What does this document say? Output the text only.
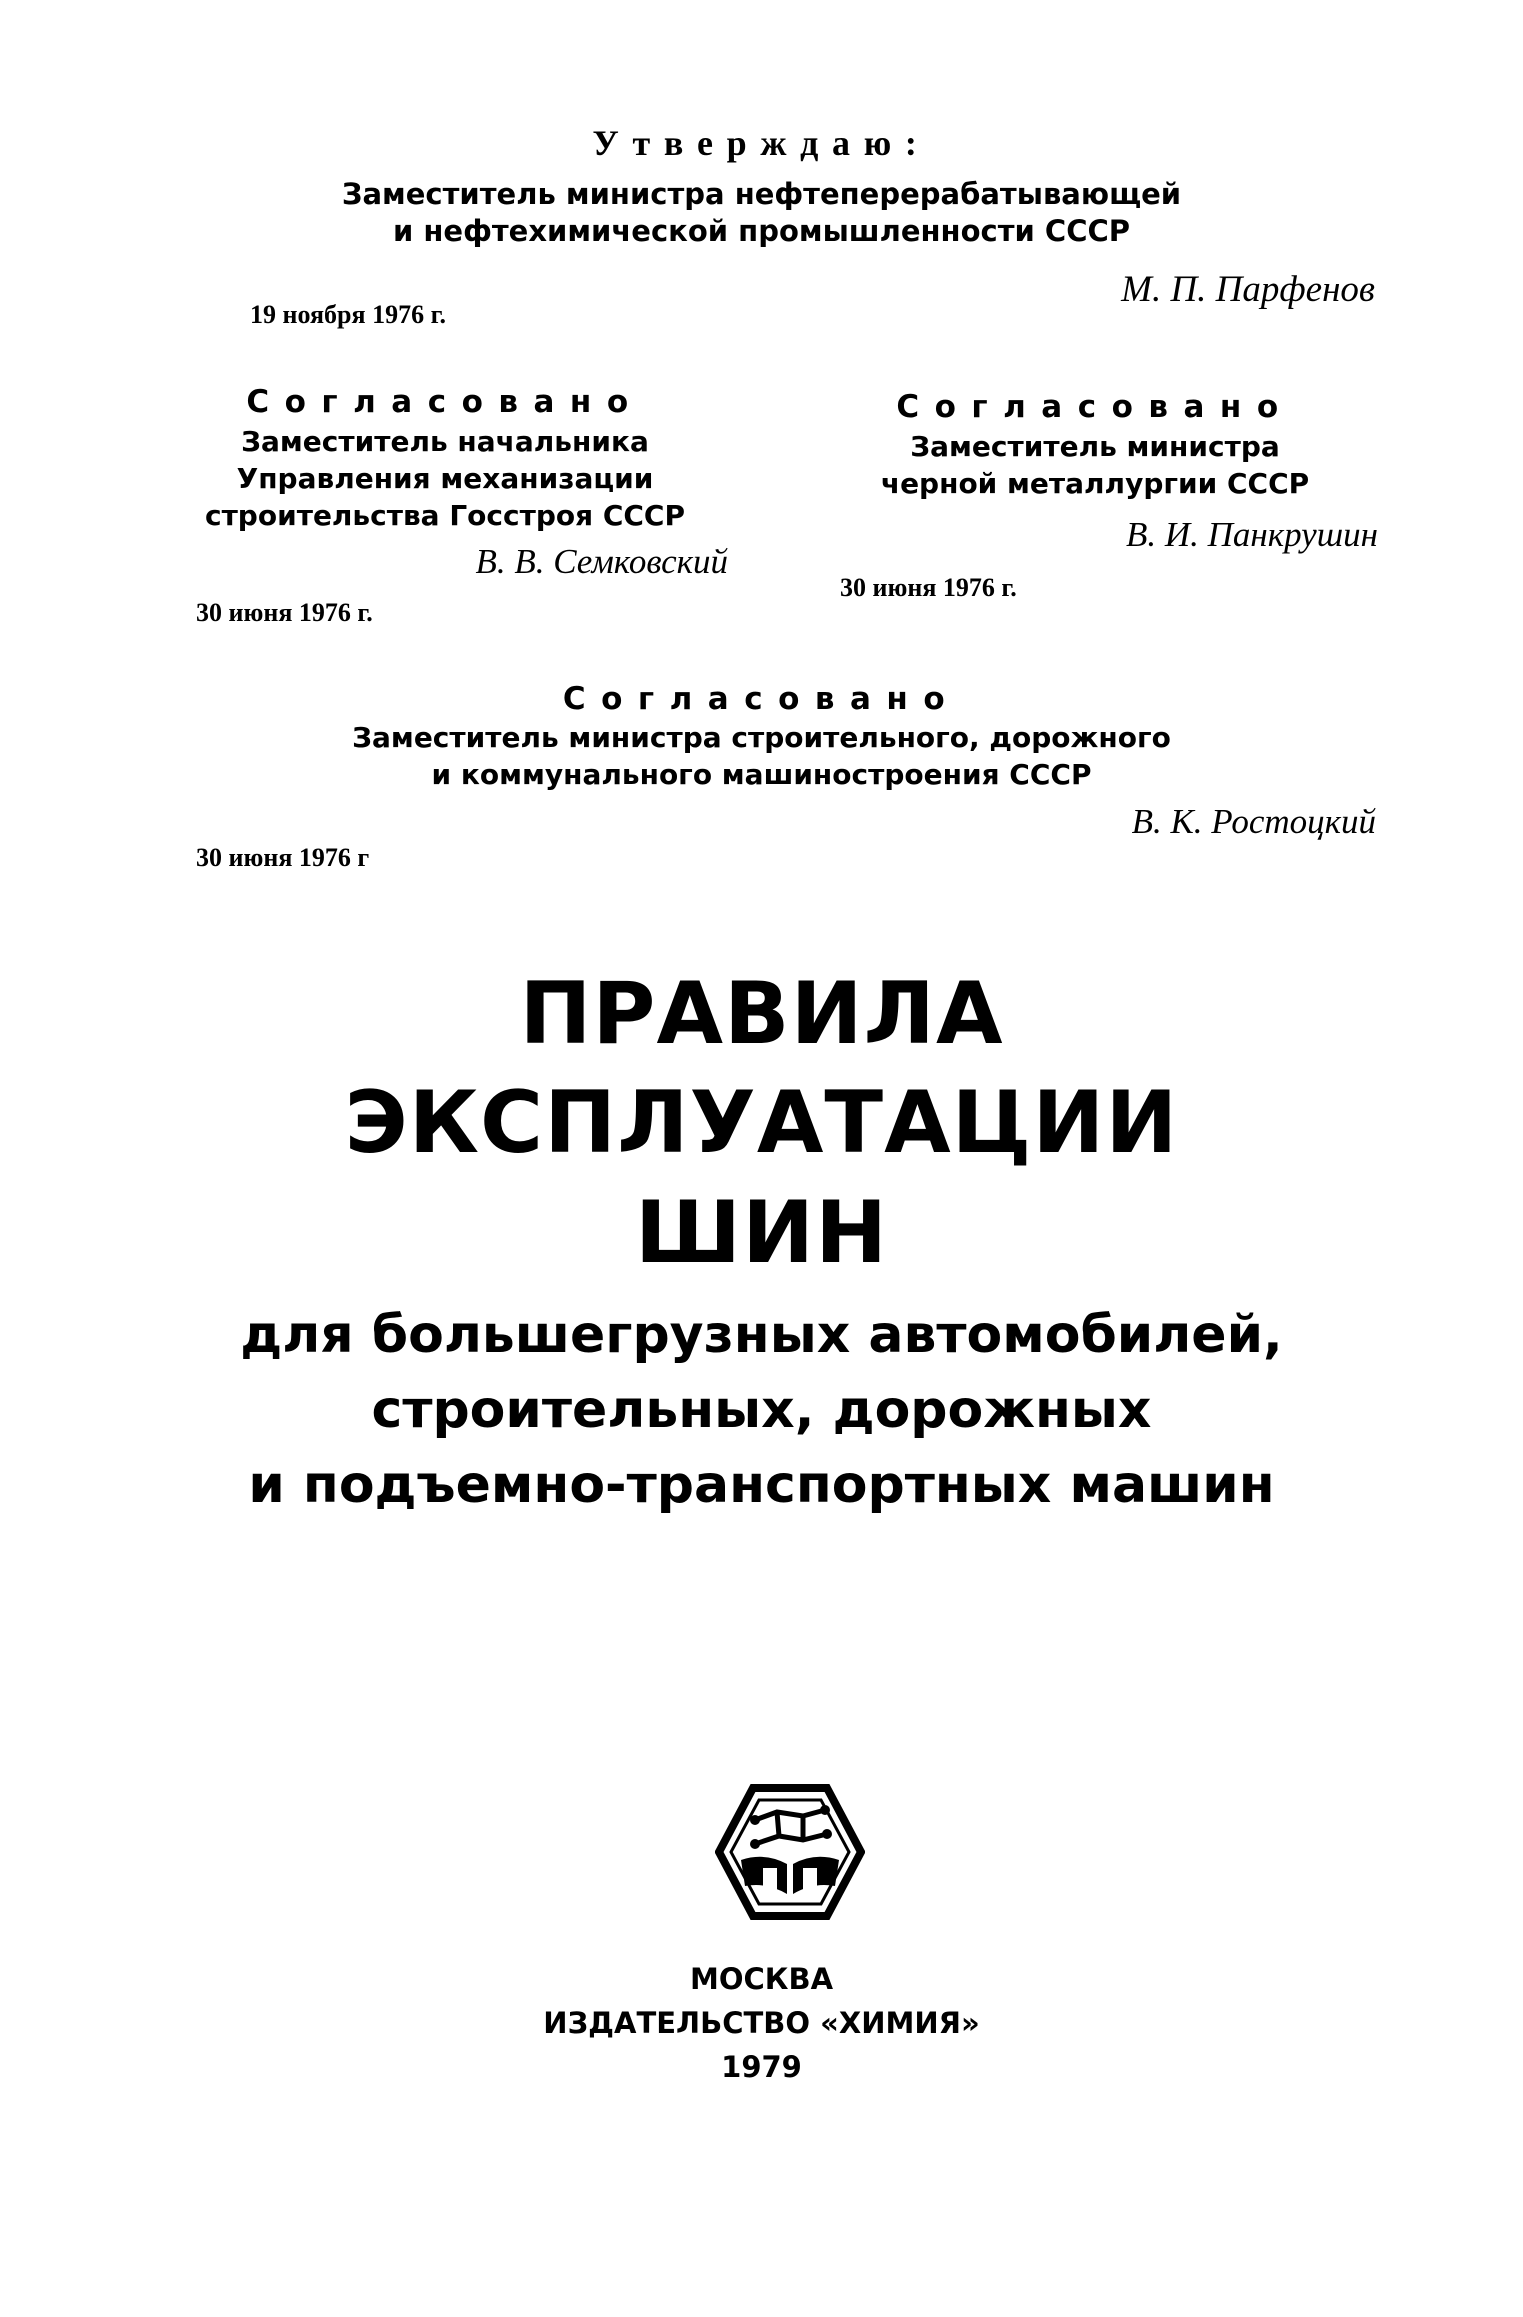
Утверждаю:
Заместитель министра нефтеперерабатывающей
и нефтехимической промышленности СССР
М. П. Парфенов
19 ноября 1976 г.
Согласовано
Заместитель начальника
Управления механизации
строительства Госстроя СССР
В. В. Семковский
30 июня 1976 г.
Согласовано
Заместитель министра
черной металлургии СССР
В. И. Панкрушин
30 июня 1976 г.
Согласовано
Заместитель министра строительного, дорожного
и коммунального машиностроения СССР
В. К. Ростоцкий
30 июня 1976 г
ПРАВИЛА
ЭКСПЛУАТАЦИИ
ШИН
для большегрузных автомобилей,
строительных, дорожных
и подъемно-транспортных машин
МОСКВА
ИЗДАТЕЛЬСТВО «ХИМИЯ»
1979
